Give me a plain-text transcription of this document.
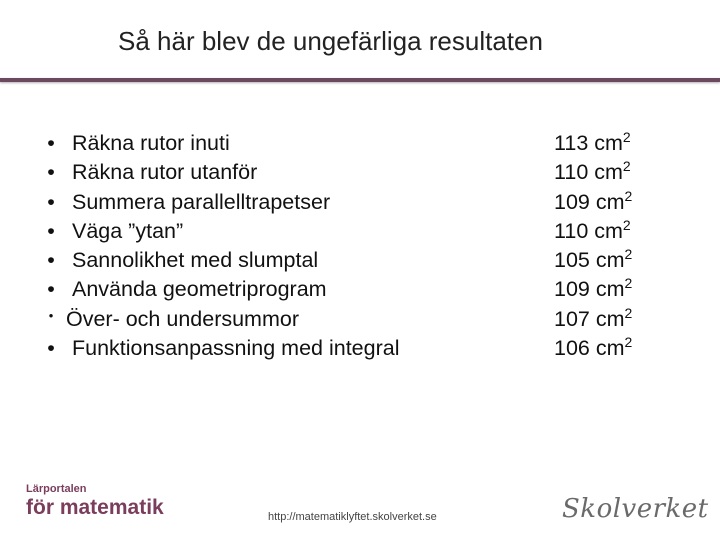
Så här blev de ungefärliga resultaten
• Räkna rutor inuti
• Räkna rutor utanför
• Summera parallelltrapetser
• Väga ”ytan”
• Sannolikhet med slumptal
• Använda geometriprogram
• Över- och undersummor
• Funktionsanpassning med integral
113 $cm^2$
110 $cm^2$
109 $cm^2$
110 $cm^2$
105 $cm^2$
109 $cm^2$
107 $cm^2$
106 $cm^2$
Lärportalen
för matematik	http://matematiklyftet.skolverket.se	Skolverket
